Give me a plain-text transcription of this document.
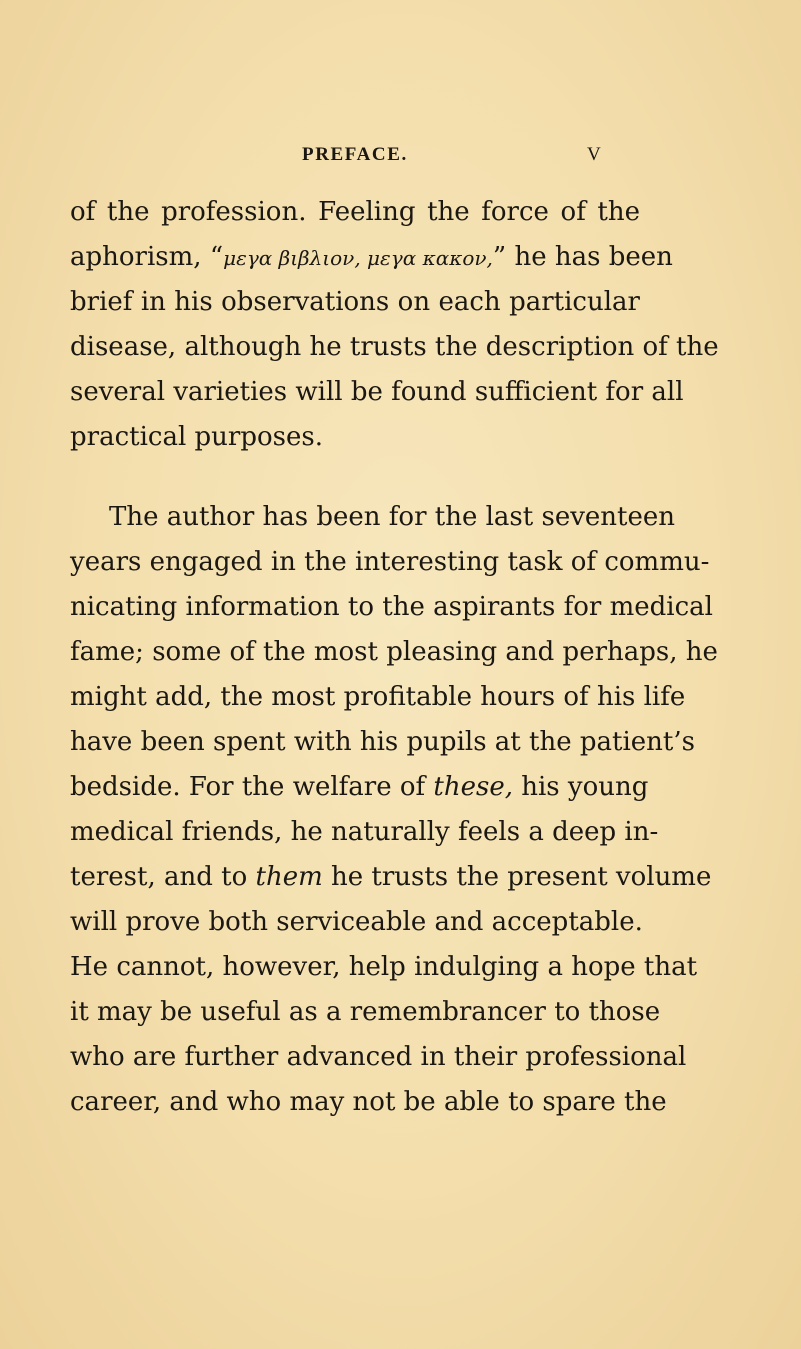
PREFACE.	V

of the profession. Feeling the force of the
aphorism, “μεγα βιβλιον, μεγα κακον,” he has been
brief in his observations on each particular
disease, although he trusts the description of the
several varieties will be found sufficient for all
practical purposes.

The author has been for the last seventeen
years engaged in the interesting task of commu-
nicating information to the aspirants for medical
fame; some of the most pleasing and perhaps, he
might add, the most profitable hours of his life
have been spent with his pupils at the patient’s
bedside. For the welfare of these, his young
medical friends, he naturally feels a deep in-
terest, and to them he trusts the present volume
will prove both serviceable and acceptable.
He cannot, however, help indulging a hope that
it may be useful as a remembrancer to those
who are further advanced in their professional
career, and who may not be able to spare the
